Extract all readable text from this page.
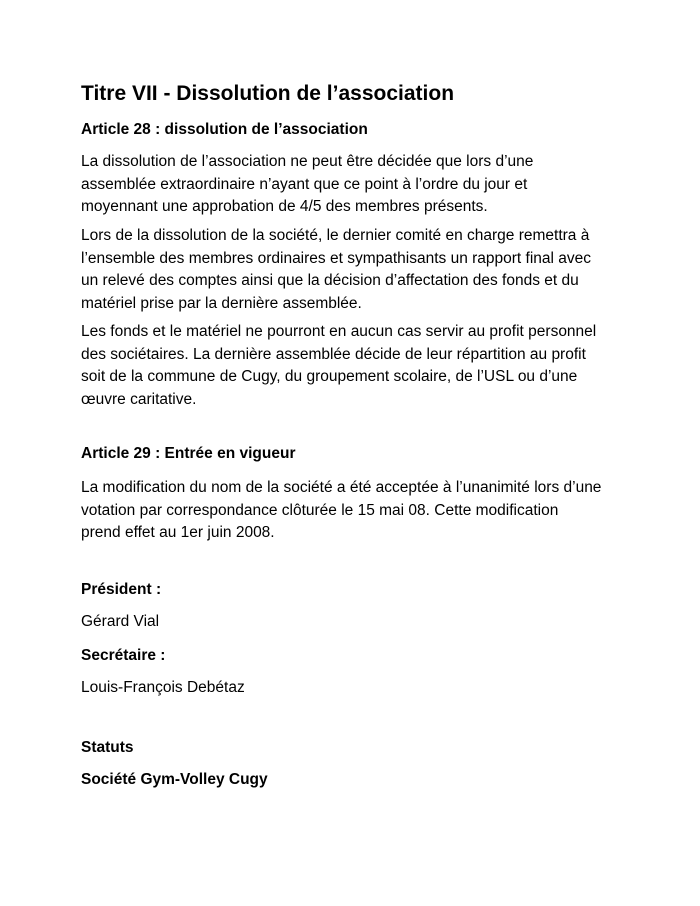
Titre VII - Dissolution de l’association
Article 28 : dissolution de l’association

La dissolution de l’association ne peut être décidée que lors d’une
assemblée extraordinaire n’ayant que ce point à l’ordre du jour et
moyennant une approbation de 4/5 des membres présents.

Lors de la dissolution de la société, le dernier comité en charge remettra à
l’ensemble des membres ordinaires et sympathisants un rapport final avec
un relevé des comptes ainsi que la décision d’affectation des fonds et du
matériel prise par la dernière assemblée.

Les fonds et le matériel ne pourront en aucun cas servir au profit personnel
des sociétaires. La dernière assemblée décide de leur répartition au profit
soit de la commune de Cugy, du groupement scolaire, de l’USL ou d’une
œuvre caritative.

Article 29 : Entrée en vigueur

La modification du nom de la société a été acceptée à l’unanimité lors d’une
votation par correspondance clôturée le 15 mai 08. Cette modification
prend effet au 1er juin 2008.

Président :

Gérard Vial

Secrétaire :

Louis-François Debétaz

Statuts
Société Gym-Volley Cugy
